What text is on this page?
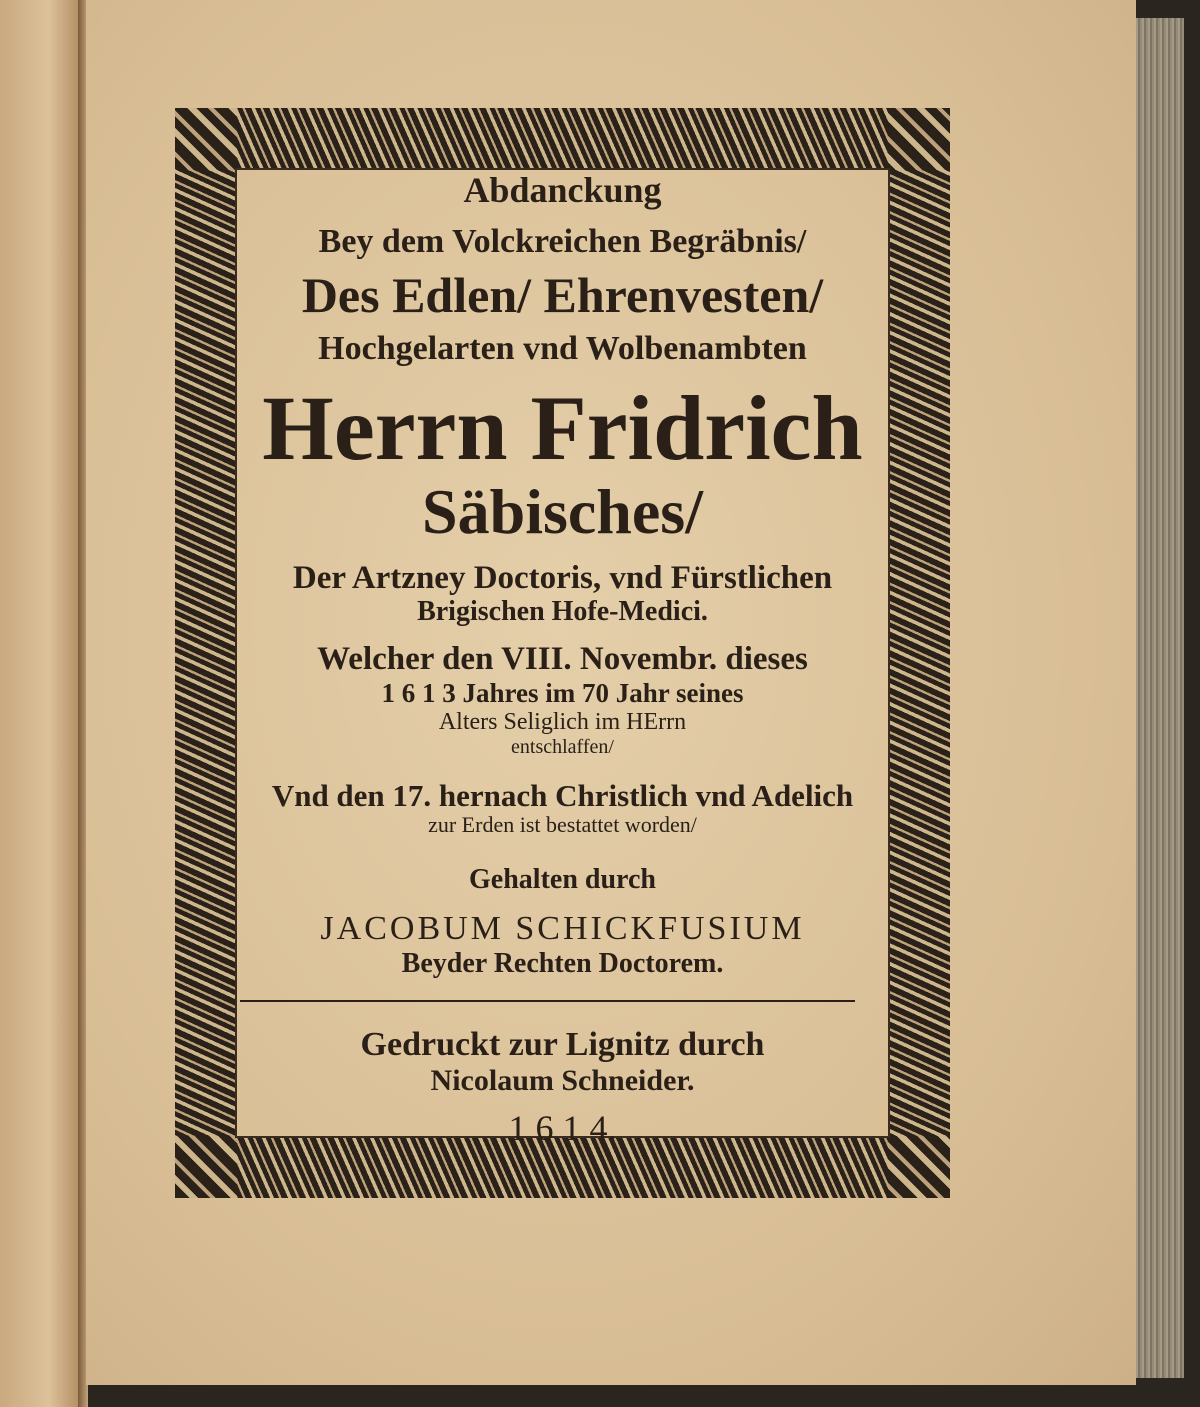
Abdanckung
Bey dem Volckreichen Begräbnis/
Des Edlen/ Ehrenvesten/
Hochgelarten vnd Wolbenambten
Herrn Fridrich
Säbisches/
Der Artzney Doctoris, vnd Fürstlichen
Brigischen Hofe-Medici.
Welcher den VIII. Novembr. dieses
1 6 1 3 Jahres im 70 Jahr seines
Alters Seliglich im HErrn
entschlaffen/
Vnd den 17. hernach Christlich vnd Adelich
zur Erden ist bestattet worden/
Gehalten durch
JACOBUM SCHICKFUSIUM
Beyder Rechten Doctorem.
Gedruckt zur Lignitz durch
Nicolaum Schneider.
1 6 1 4.
